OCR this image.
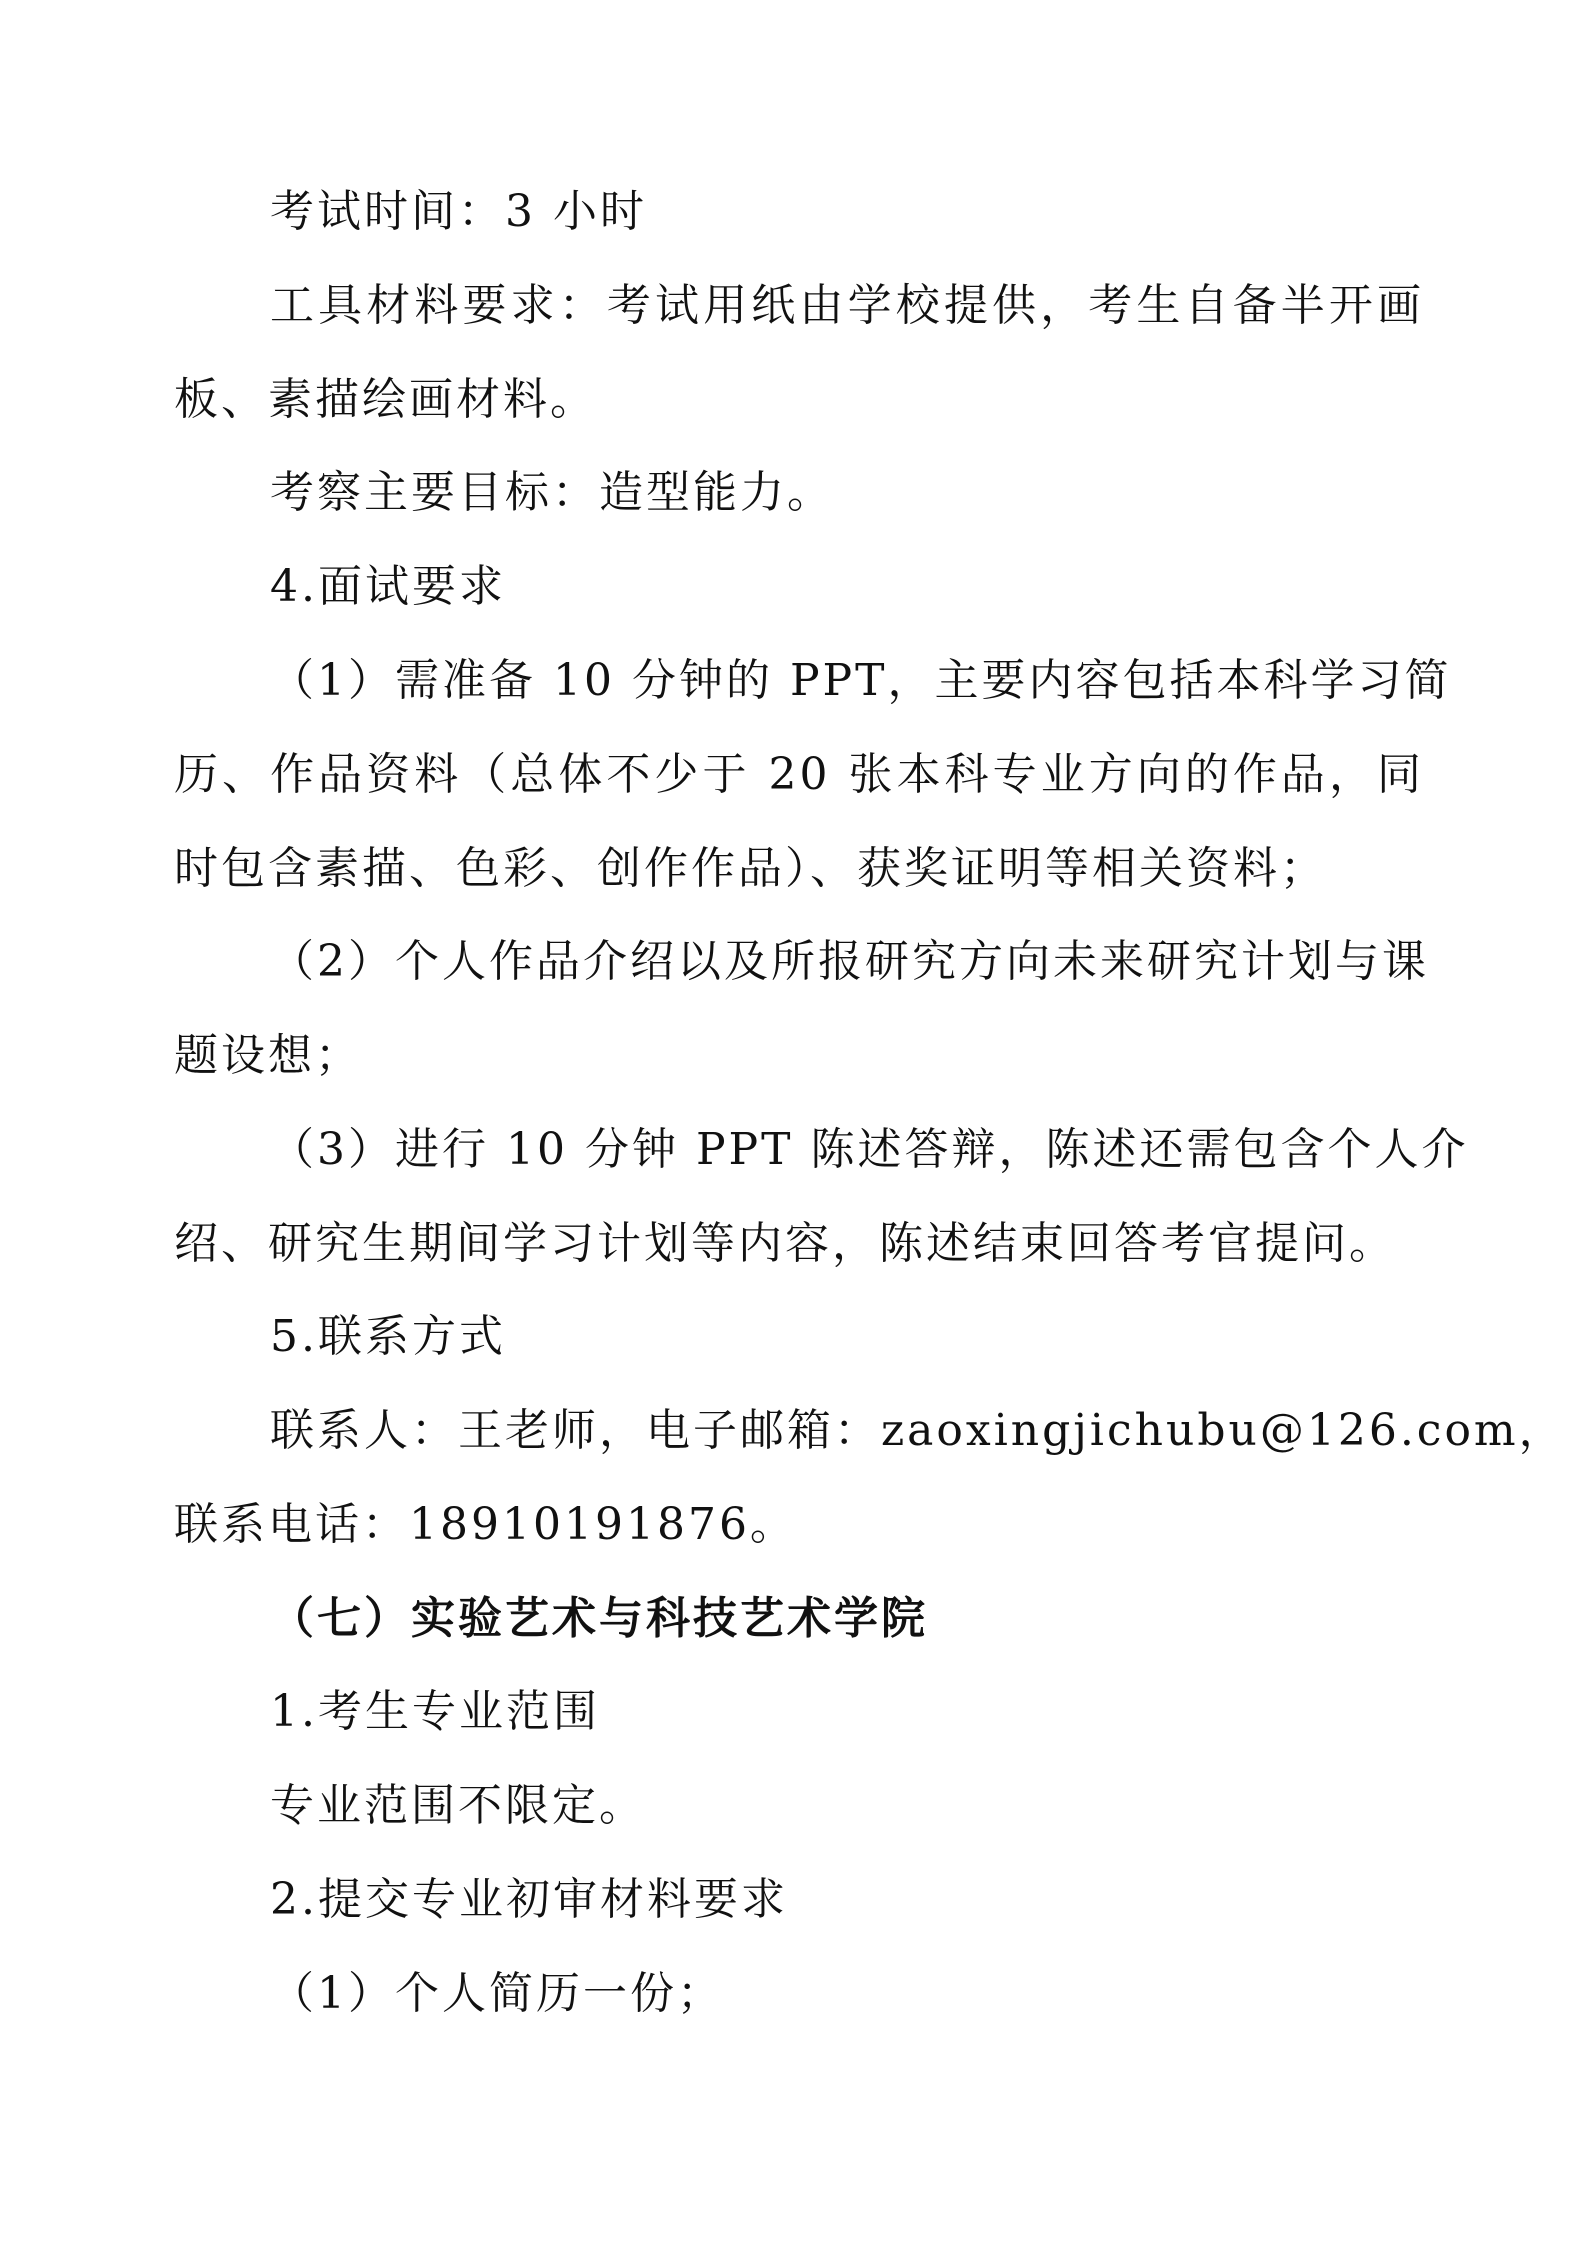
考试时间：3 小时
工具材料要求：考试用纸由学校提供，考生自备半开画
板、素描绘画材料。
考察主要目标：造型能力。
4.面试要求
（1）需准备 10 分钟的 PPT，主要内容包括本科学习简
历、作品资料（总体不少于 20 张本科专业方向的作品，同
时包含素描、色彩、创作作品）、获奖证明等相关资料；
（2）个人作品介绍以及所报研究方向未来研究计划与课
题设想；
（3）进行 10 分钟 PPT 陈述答辩，陈述还需包含个人介
绍、研究生期间学习计划等内容，陈述结束回答考官提问。
5.联系方式
联系人：王老师，电子邮箱：zaoxingjichubu@126.com，
联系电话：18910191876。
（七）实验艺术与科技艺术学院
1.考生专业范围
专业范围不限定。
2.提交专业初审材料要求
（1）个人简历一份；
